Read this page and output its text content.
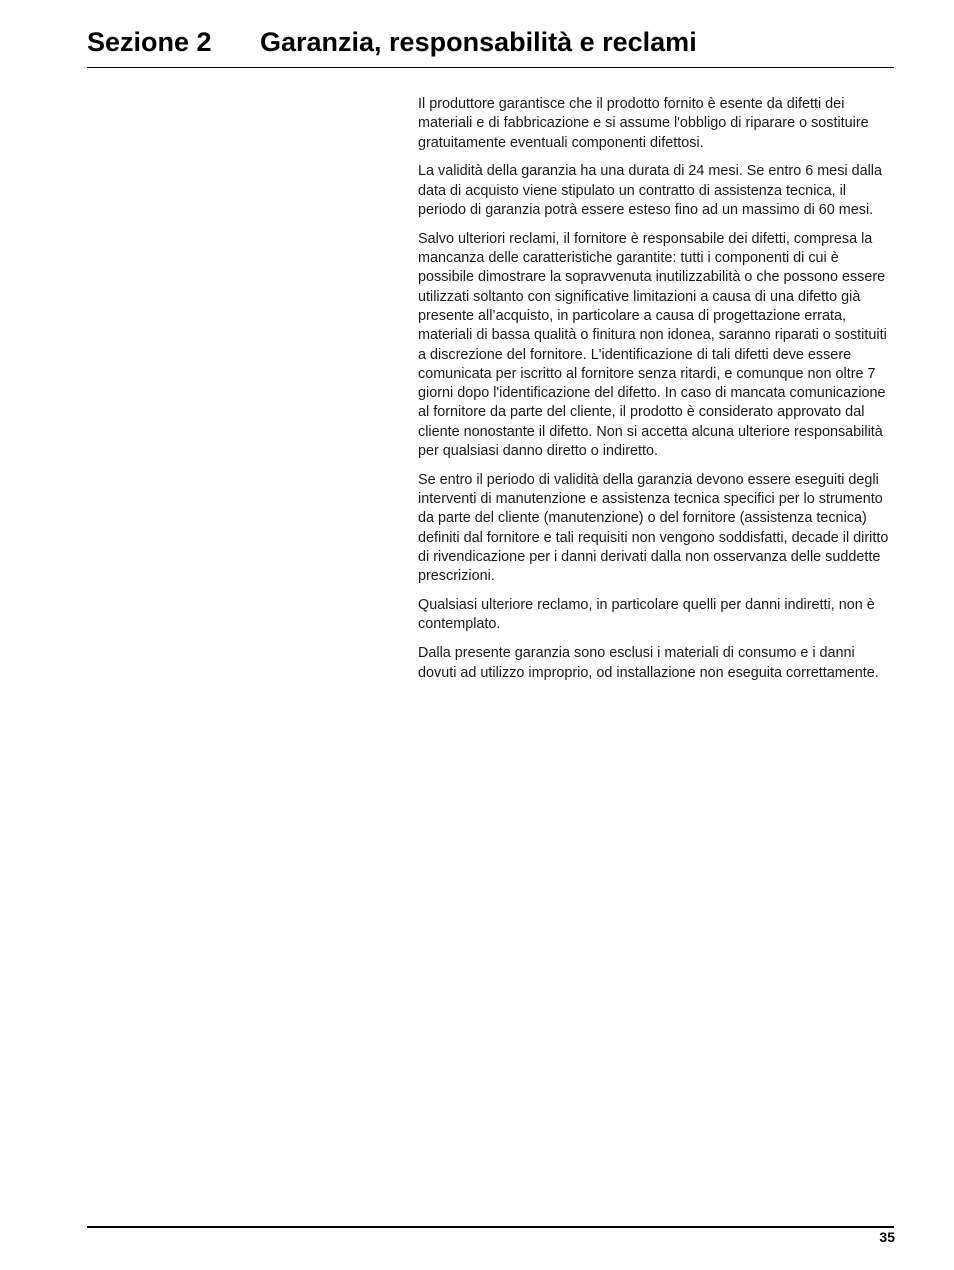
Sezione 2 Garanzia, responsabilità e reclami

Il produttore garantisce che il prodotto fornito è esente da difetti dei materiali e di fabbricazione e si assume l'obbligo di riparare o sostituire gratuitamente eventuali componenti difettosi.

La validità della garanzia ha una durata di 24 mesi. Se entro 6 mesi dalla data di acquisto viene stipulato un contratto di assistenza tecnica, il periodo di garanzia potrà essere esteso fino ad un massimo di 60 mesi.

Salvo ulteriori reclami, il fornitore è responsabile dei difetti, compresa la mancanza delle caratteristiche garantite: tutti i componenti di cui è possibile dimostrare la sopravvenuta inutilizzabilità o che possono essere utilizzati soltanto con significative limitazioni a causa di una difetto già presente all’acquisto, in particolare a causa di progettazione errata, materiali di bassa qualità o finitura non idonea, saranno riparati o sostituiti a discrezione del fornitore. L'identificazione di tali difetti deve essere comunicata per iscritto al fornitore senza ritardi, e comunque non oltre 7 giorni dopo l'identificazione del difetto. In caso di mancata comunicazione al fornitore da parte del cliente, il prodotto è considerato approvato dal cliente nonostante il difetto. Non si accetta alcuna ulteriore responsabilità per qualsiasi danno diretto o indiretto.

Se entro il periodo di validità della garanzia devono essere eseguiti degli interventi di manutenzione e assistenza tecnica specifici per lo strumento da parte del cliente (manutenzione) o del fornitore (assistenza tecnica) definiti dal fornitore e tali requisiti non vengono soddisfatti, decade il diritto di rivendicazione per i danni derivati dalla non osservanza delle suddette prescrizioni.

Qualsiasi ulteriore reclamo, in particolare quelli per danni indiretti, non è contemplato.

Dalla presente garanzia sono esclusi i materiali di consumo e i danni dovuti ad utilizzo improprio, od installazione non eseguita correttamente.

35
